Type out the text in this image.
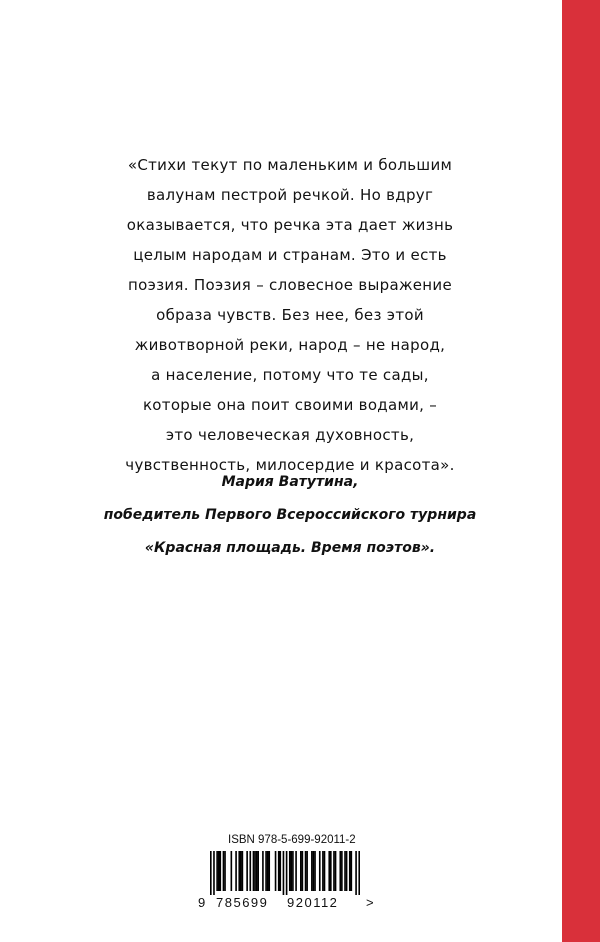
«Стихи текут по маленьким и большим
валунам пестрой речкой. Но вдруг
оказывается, что речка эта дает жизнь
целым народам и странам. Это и есть
поэзия. Поэзия – словесное выражение
образа чувств. Без нее, без этой
животворной реки, народ – не народ,
а население, потому что те сады,
которые она поит своими водами, –
это человеческая духовность,
чувственность, милосердие и красота».
Мария Ватутина,
победитель Первого Всероссийского турнира
«Красная площадь. Время поэтов».
ISBN 978-5-699-92011-2
9 785699 920112 >
